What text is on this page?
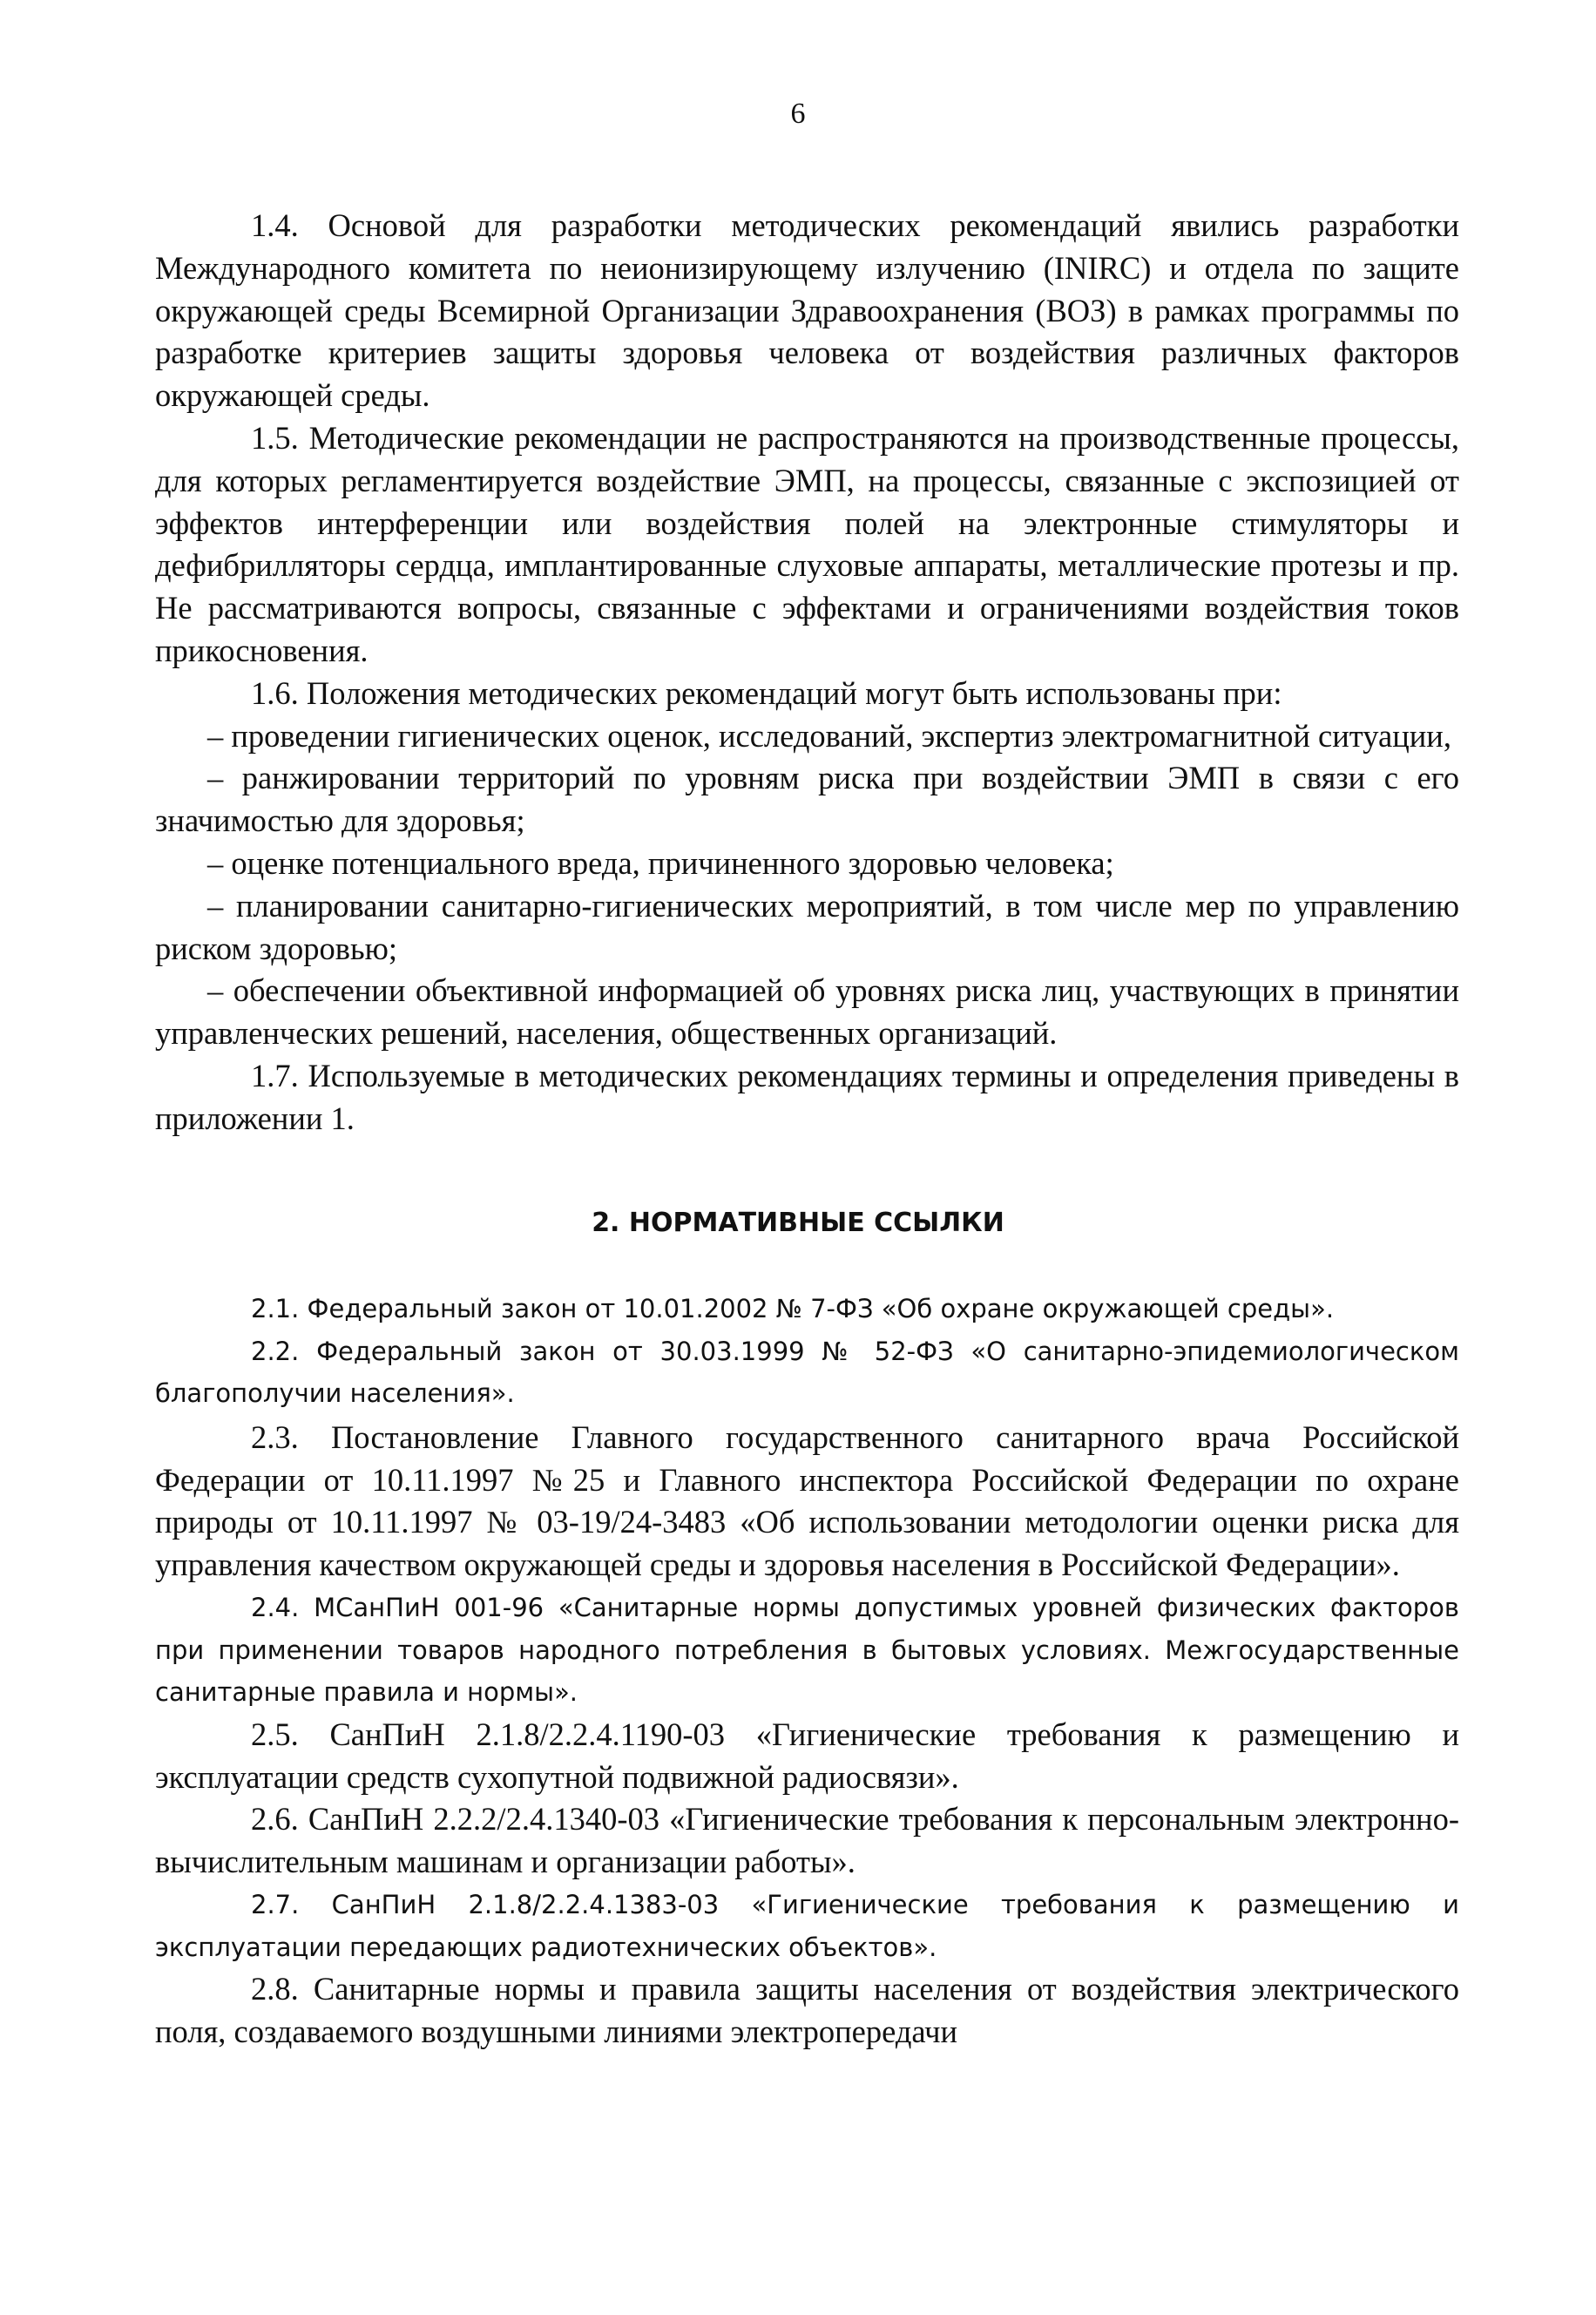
6

1.4. Основой для разработки методических рекомендаций явились разработки Международного комитета по неионизирующему излучению (INIRC) и отдела по защите окружающей среды Всемирной Организации Здравоохранения (ВОЗ) в рамках программы по разработке критериев защиты здоровья человека от воздействия различных факторов окружающей среды.

1.5. Методические рекомендации не распространяются на производственные процессы, для которых регламентируется воздействие ЭМП, на процессы, связанные с экспозицией от эффектов интерференции или воздействия полей на электронные стимуляторы и дефибрилляторы сердца, имплантированные слуховые аппараты, металлические протезы и пр. Не рассматриваются вопросы, связанные с эффектами и ограничениями воздействия токов прикосновения.

1.6. Положения методических рекомендаций могут быть использованы при:

– проведении гигиенических оценок, исследований, экспертиз электромагнитной ситуации,

– ранжировании территорий по уровням риска при воздействии ЭМП в связи с его значимостью для здоровья;

– оценке потенциального вреда, причиненного здоровью человека;

– планировании санитарно-гигиенических мероприятий, в том числе мер по управлению риском здоровью;

– обеспечении объективной информацией об уровнях риска лиц, участвующих в принятии управленческих решений, населения, общественных организаций.

1.7. Используемые в методических рекомендациях термины и определения приведены в приложении 1.

2. НОРМАТИВНЫЕ ССЫЛКИ

2.1. Федеральный закон от 10.01.2002 № 7-ФЗ «Об охране окружающей среды».

2.2. Федеральный закон от 30.03.1999 № 52-ФЗ «О санитарно-эпидемиологическом благополучии населения».

2.3. Постановление Главного государственного санитарного врача Российской Федерации от 10.11.1997 №25 и Главного инспектора Российской Федерации по охране природы от 10.11.1997 № 03-19/24-3483 «Об использовании методологии оценки риска для управления качеством окружающей среды и здоровья населения в Российской Федерации».

2.4. МСанПиН 001-96 «Санитарные нормы допустимых уровней физических факторов при применении товаров народного потребления в бытовых условиях. Межгосударственные санитарные правила и нормы».

2.5. СанПиН 2.1.8/2.2.4.1190-03 «Гигиенические требования к размещению и эксплуатации средств сухопутной подвижной радиосвязи».

2.6. СанПиН 2.2.2/2.4.1340-03 «Гигиенические требования к персональным электронно-вычислительным машинам и организации работы».

2.7. СанПиН 2.1.8/2.2.4.1383-03 «Гигиенические требования к размещению и эксплуатации передающих радиотехнических объектов».

2.8. Санитарные нормы и правила защиты населения от воздействия электрического поля, создаваемого воздушными линиями электропередачи
